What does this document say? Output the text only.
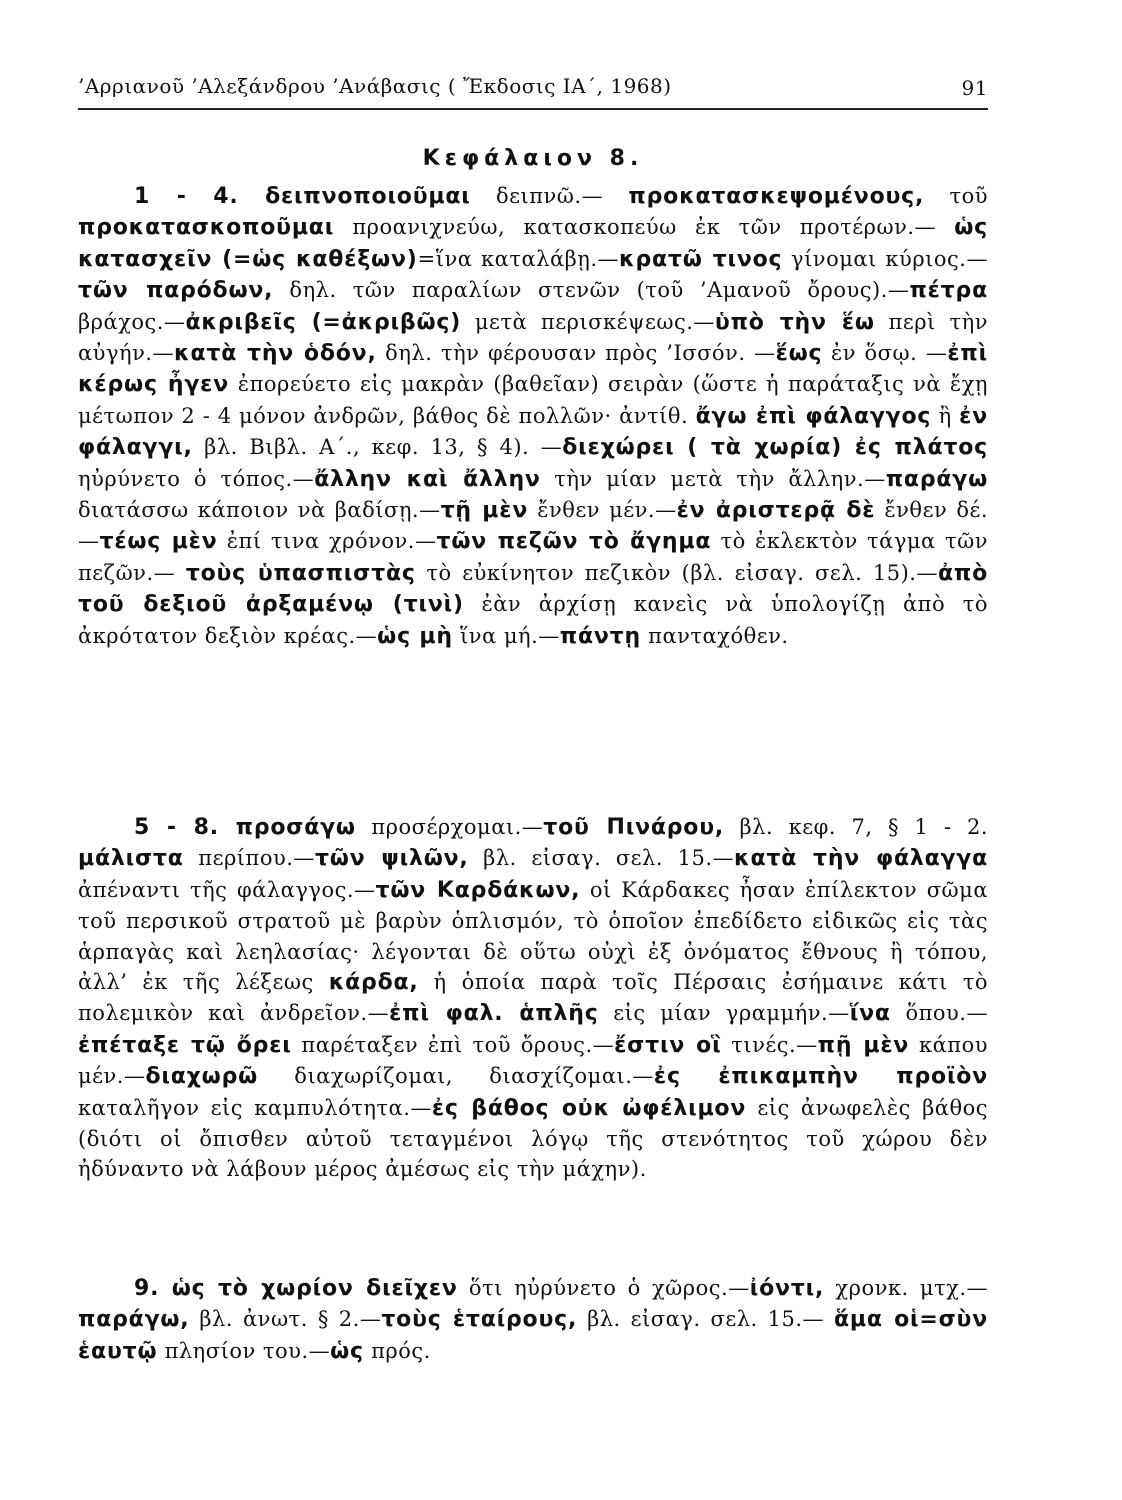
’Αρριανοῦ ’Αλεξάνδρου ’Ανάβασις ( Ἔκδοσις ΙΑ΄, 1968)	91
Κεφάλαιον 8.
1 - 4. δειπνοποιοῦμαι δειπνῶ.— προκατασκεψομένους, τοῦ προκατασκοποῦμαι προανιχνεύω, κατασκοπεύω ἐκ τῶν προτέρων.— ὡς κατασχεῖν (=ὡς καθέξων)=ἵνα καταλάβῃ.—κρατῶ τινος γίνομαι κύριος.—τῶν παρόδων, δηλ. τῶν παραλίων στενῶν (τοῦ ’Αμανοῦ ὄρους).—πέτρα βράχος.—ἀκριβεῖς (=ἀκριβῶς) μετὰ περισκέψεως.—ὑπὸ τὴν ἕω περὶ τὴν αὐγήν.—κατὰ τὴν ὁδόν, δηλ. τὴν φέρουσαν πρὸς ’Ισσόν. —ἕως ἐν ὅσῳ. —ἐπὶ κέρως ἦγεν ἐπορεύετο εἰς μακρὰν (βαθεῖαν) σειρὰν (ὥστε ἡ παράταξις νὰ ἔχῃ μέτωπον 2 - 4 μόνον ἀνδρῶν, βάθος δὲ πολλῶν· ἀντίθ. ἄγω ἐπὶ φάλαγγος ἢ ἐν φάλαγγι, βλ. Βιβλ. Α΄., κεφ. 13, § 4). —διεχώρει ( τὰ χωρία) ἐς πλάτος ηὐρύνετο ὁ τόπος.—ἄλλην καὶ ἄλλην τὴν μίαν μετὰ τὴν ἄλλην.—παράγω διατάσσω κάποιον νὰ βαδίσῃ.—τῇ μὲν ἔνθεν μέν.—ἐν ἀριστερᾷ δὲ ἔνθεν δέ.—τέως μὲν ἐπί τινα χρόνον.—τῶν πεζῶν τὸ ἄγημα τὸ ἐκλεκτὸν τάγμα τῶν πεζῶν.— τοὺς ὑπασπιστὰς τὸ εὐκίνητον πεζικὸν (βλ. εἰσαγ. σελ. 15).—ἀπὸ τοῦ δεξιοῦ ἀρξαμένῳ (τινὶ) ἐὰν ἀρχίσῃ κανεὶς νὰ ὑπολογίζῃ ἀπὸ τὸ ἀκρότατον δεξιὸν κρέας.—ὡς μὴ ἵνα μή.—πάντῃ πανταχόθεν.
5 - 8. προσάγω προσέρχομαι.—τοῦ Πινάρου, βλ. κεφ. 7, § 1 - 2. μάλιστα περίπου.—τῶν ψιλῶν, βλ. εἰσαγ. σελ. 15.—κατὰ τὴν φάλαγγα ἀπέναντι τῆς φάλαγγος.—τῶν Καρδάκων, οἱ Κάρδακες ἦσαν ἐπίλεκτον σῶμα τοῦ περσικοῦ στρατοῦ μὲ βαρὺν ὁπλισμόν, τὸ ὁποῖον ἐπεδίδετο εἰδικῶς εἰς τὰς ἁρπαγὰς καὶ λεηλασίας· λέγονται δὲ οὕτω οὐχὶ ἐξ ὀνόματος ἔθνους ἢ τόπου, ἀλλ’ ἐκ τῆς λέξεως κάρδα, ἡ ὁποία παρὰ τοῖς Πέρσαις ἐσήμαινε κάτι τὸ πολεμικὸν καὶ ἀνδρεῖον.—ἐπὶ φαλ. ἁπλῆς εἰς μίαν γραμμήν.—ἵνα ὅπου.—ἐπέταξε τῷ ὄρει παρέταξεν ἐπὶ τοῦ ὄρους.—ἔστιν οἳ τινές.—πῇ μὲν κάπου μέν.—διαχωρῶ διαχωρίζομαι, διασχίζομαι.—ἐς ἐπικαμπὴν προϊὸν καταλῆγον εἰς καμπυλότητα.—ἐς βάθος οὐκ ὠφέλιμον εἰς ἀνωφελὲς βάθος (διότι οἱ ὄπισθεν αὐτοῦ τεταγμένοι λόγῳ τῆς στενότητος τοῦ χώρου δὲν ἠδύναντο νὰ λάβουν μέρος ἀμέσως εἰς τὴν μάχην).
9. ὡς τὸ χωρίον διεῖχεν ὅτι ηὐρύνετο ὁ χῶρος.—ἰόντι, χρονκ. μτχ.—παράγω, βλ. ἀνωτ. § 2.—τοὺς ἑταίρους, βλ. εἰσαγ. σελ. 15.— ἅμα οἱ=σὺν ἑαυτῷ πλησίον του.—ὡς πρός.
